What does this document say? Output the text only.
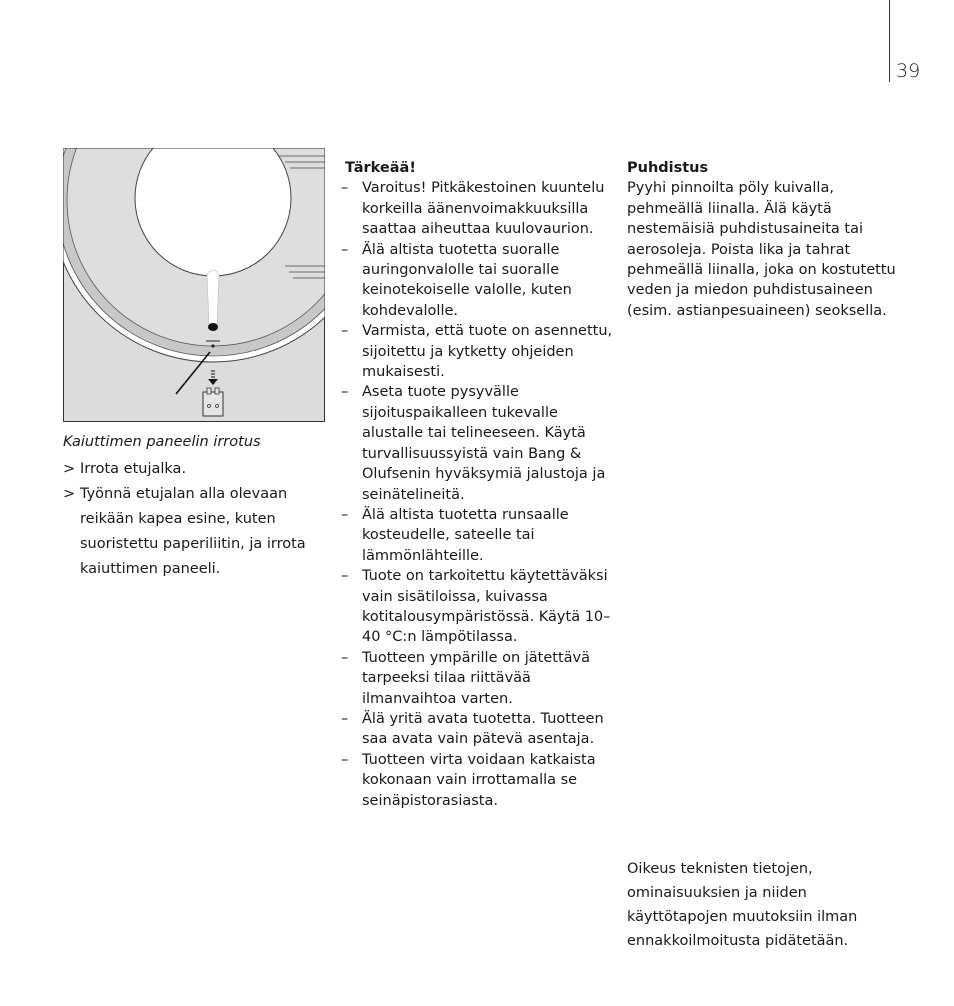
39
Kaiuttimen paneelin irrotus
> Irrota etujalka.
> Työnnä etujalan alla olevaan reikään kapea esine, kuten suoristettu paperiliitin, ja irrota kaiuttimen paneeli.
Tärkeää!
– Varoitus! Pitkäkestoinen kuuntelu korkeilla äänenvoimakkuuksilla saattaa aiheuttaa kuulovaurion.
– Älä altista tuotetta suoralle auringonvalolle tai suoralle keinotekoiselle valolle, kuten kohdevalolle.
– Varmista, että tuote on asennettu, sijoitettu ja kytketty ohjeiden mukaisesti.
– Aseta tuote pysyvälle sijoituspaikalleen tukevalle alustalle tai telineeseen. Käytä turvallisuussyistä vain Bang & Olufsenin hyväksymiä jalustoja ja seinätelineitä.
– Älä altista tuotetta runsaalle kosteudelle, sateelle tai lämmönlähteille.
– Tuote on tarkoitettu käytettäväksi vain sisätiloissa, kuivassa kotitalousympäristössä. Käytä 10–40 °C:n lämpötilassa.
– Tuotteen ympärille on jätettävä tarpeeksi tilaa riittävää ilmanvaihtoa varten.
– Älä yritä avata tuotetta. Tuotteen saa avata vain pätevä asentaja.
– Tuotteen virta voidaan katkaista kokonaan vain irrottamalla se seinäpistorasiasta.
Puhdistus
Pyyhi pinnoilta pöly kuivalla, pehmeällä liinalla. Älä käytä nestemäisiä puhdistusaineita tai aerosoleja. Poista lika ja tahrat pehmeällä liinalla, joka on kostutettu veden ja miedon puhdistusaineen (esim. astianpesuaineen) seoksella.
Oikeus teknisten tietojen, ominaisuuksien ja niiden käyttötapojen muutoksiin ilman ennakkoilmoitusta pidätetään.
